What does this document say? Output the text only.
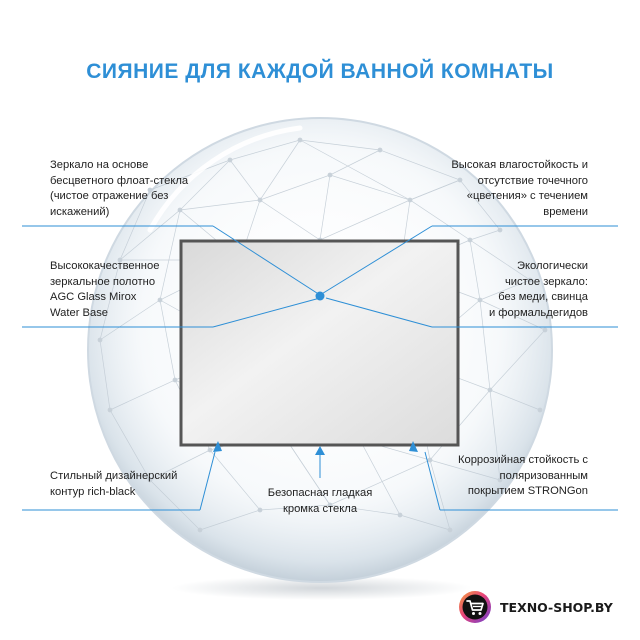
СИЯНИЕ ДЛЯ КАЖДОЙ ВАННОЙ КОМНАТЫ
Зеркало на основе
бесцветного флоат-стекла
(чистое отражение без
искажений)
Высокая влагостойкость и
отсутствие точечного
«цветения» с течением
времени
Высококачественное
зеркальное полотно
AGC Glass Mirox
Water Base
Экологически
чистое зеркало:
без меди, свинца
и формальдегидов
Стильный дизайнерский
контур rich-black	Безопасная гладкая
кромка стекла
Коррозийная стойкость с
поляризованным
покрытием STRONGon
TEXNO-SHOP.BY
